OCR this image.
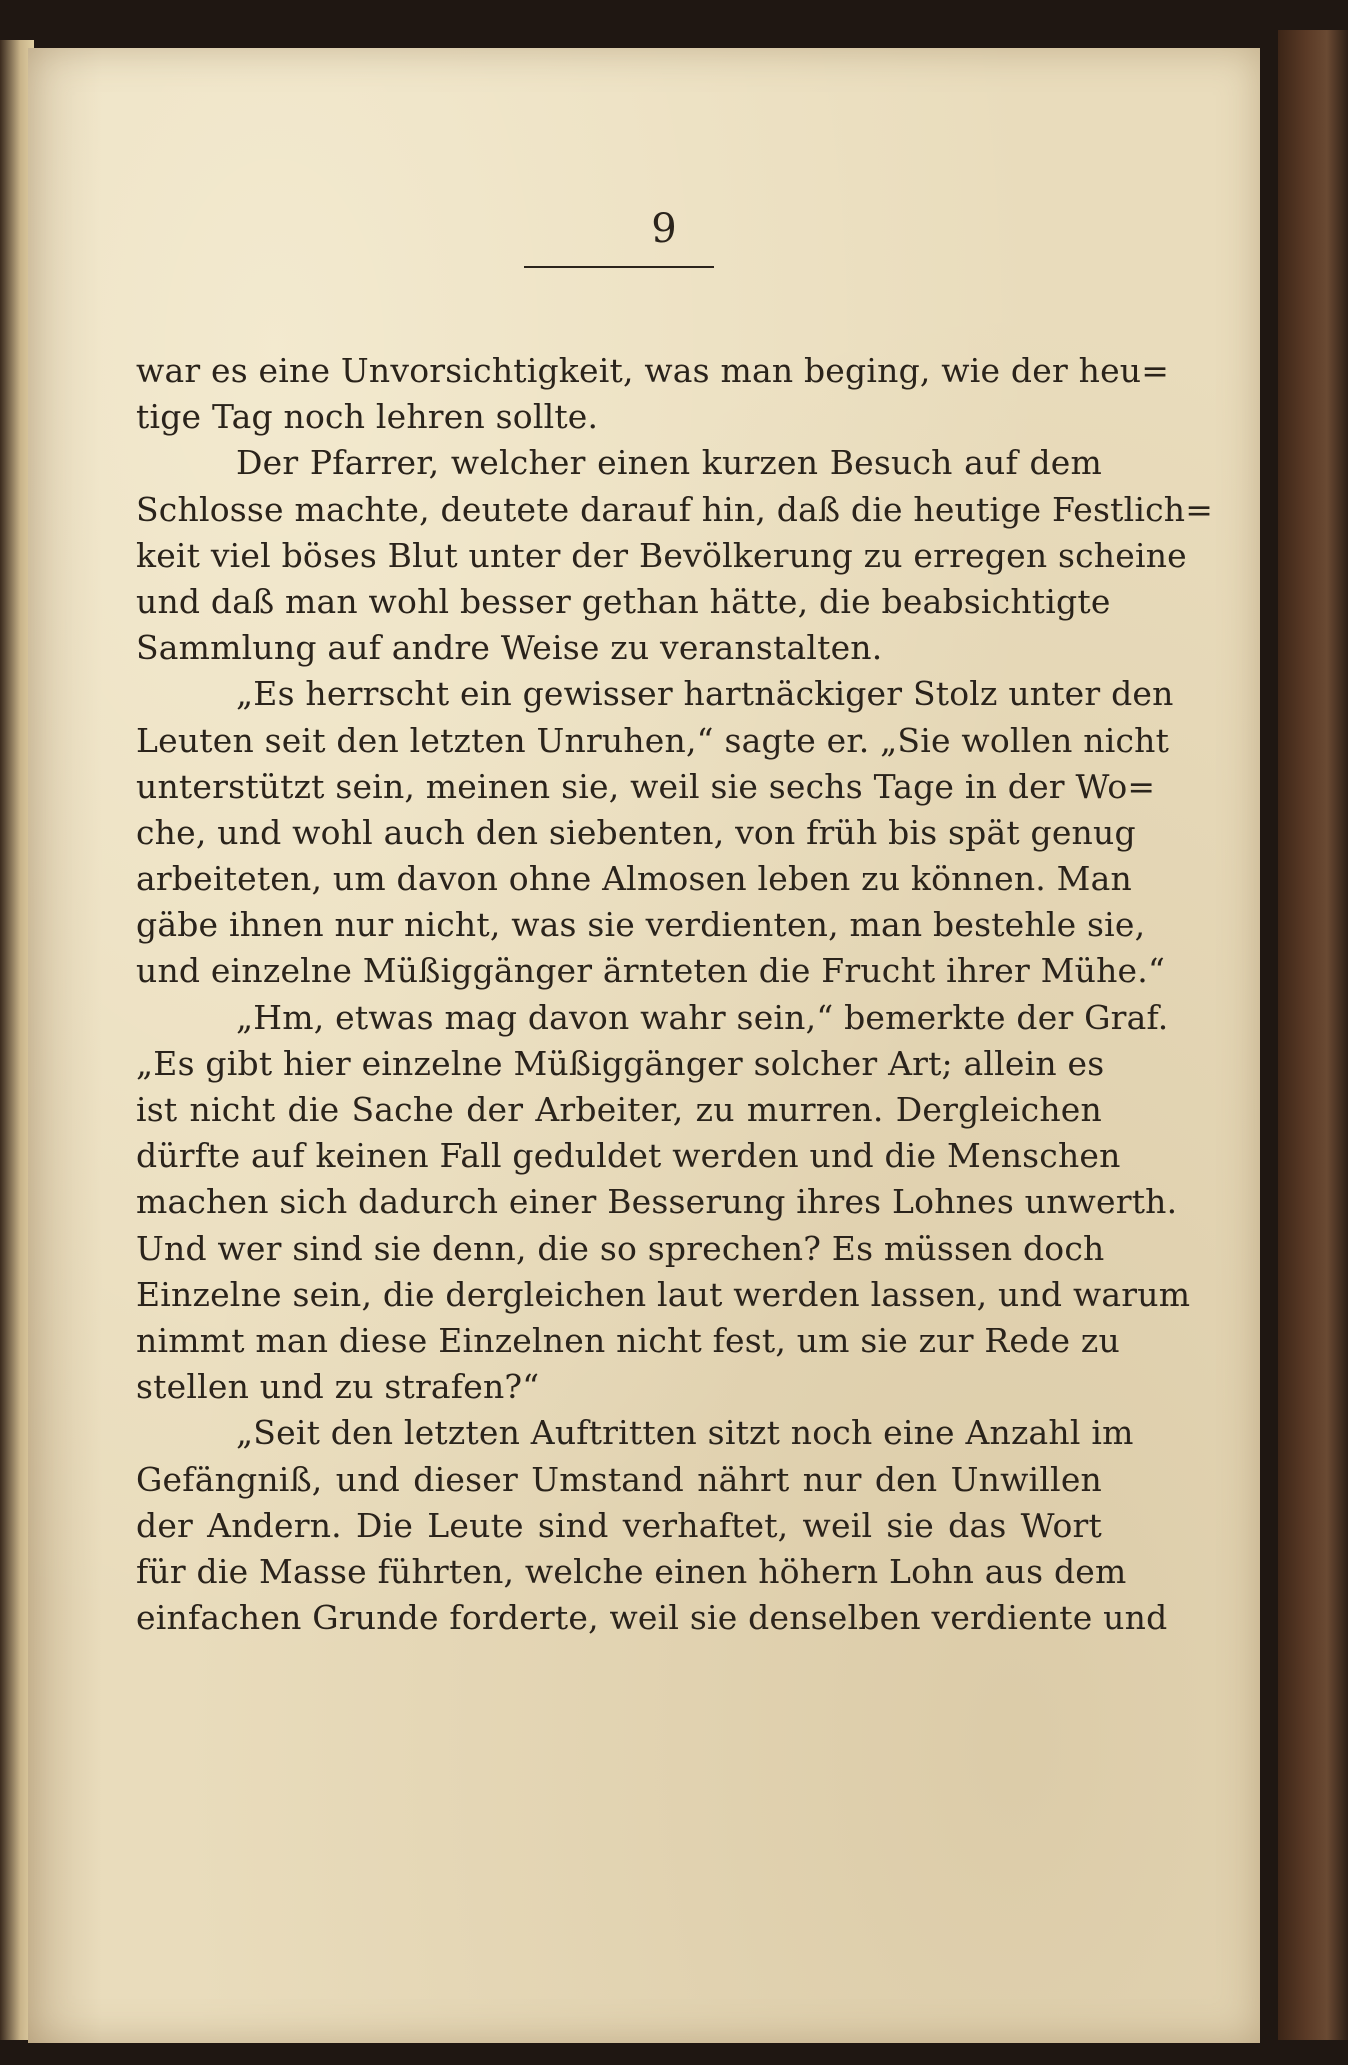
9
war es eine Unvorsichtigkeit, was man beging, wie der heu=
tige Tag noch lehren sollte.
Der Pfarrer, welcher einen kurzen Besuch auf dem
Schlosse machte, deutete darauf hin, daß die heutige Festlich=
keit viel böses Blut unter der Bevölkerung zu erregen scheine
und daß man wohl besser gethan hätte, die beabsichtigte
Sammlung auf andre Weise zu veranstalten.
„Es herrscht ein gewisser hartnäckiger Stolz unter den
Leuten seit den letzten Unruhen,“ sagte er. „Sie wollen nicht
unterstützt sein, meinen sie, weil sie sechs Tage in der Wo=
che, und wohl auch den siebenten, von früh bis spät genug
arbeiteten, um davon ohne Almosen leben zu können. Man
gäbe ihnen nur nicht, was sie verdienten, man bestehle sie,
und einzelne Müßiggänger ärnteten die Frucht ihrer Mühe.“
„Hm, etwas mag davon wahr sein,“ bemerkte der Graf.
„Es gibt hier einzelne Müßiggänger solcher Art; allein es
ist nicht die Sache der Arbeiter, zu murren. Dergleichen
dürfte auf keinen Fall geduldet werden und die Menschen
machen sich dadurch einer Besserung ihres Lohnes unwerth.
Und wer sind sie denn, die so sprechen? Es müssen doch
Einzelne sein, die dergleichen laut werden lassen, und warum
nimmt man diese Einzelnen nicht fest, um sie zur Rede zu
stellen und zu strafen?“
„Seit den letzten Auftritten sitzt noch eine Anzahl im
Gefängniß, und dieser Umstand nährt nur den Unwillen
der Andern. Die Leute sind verhaftet, weil sie das Wort
für die Masse führten, welche einen höhern Lohn aus dem
einfachen Grunde forderte, weil sie denselben verdiente und
